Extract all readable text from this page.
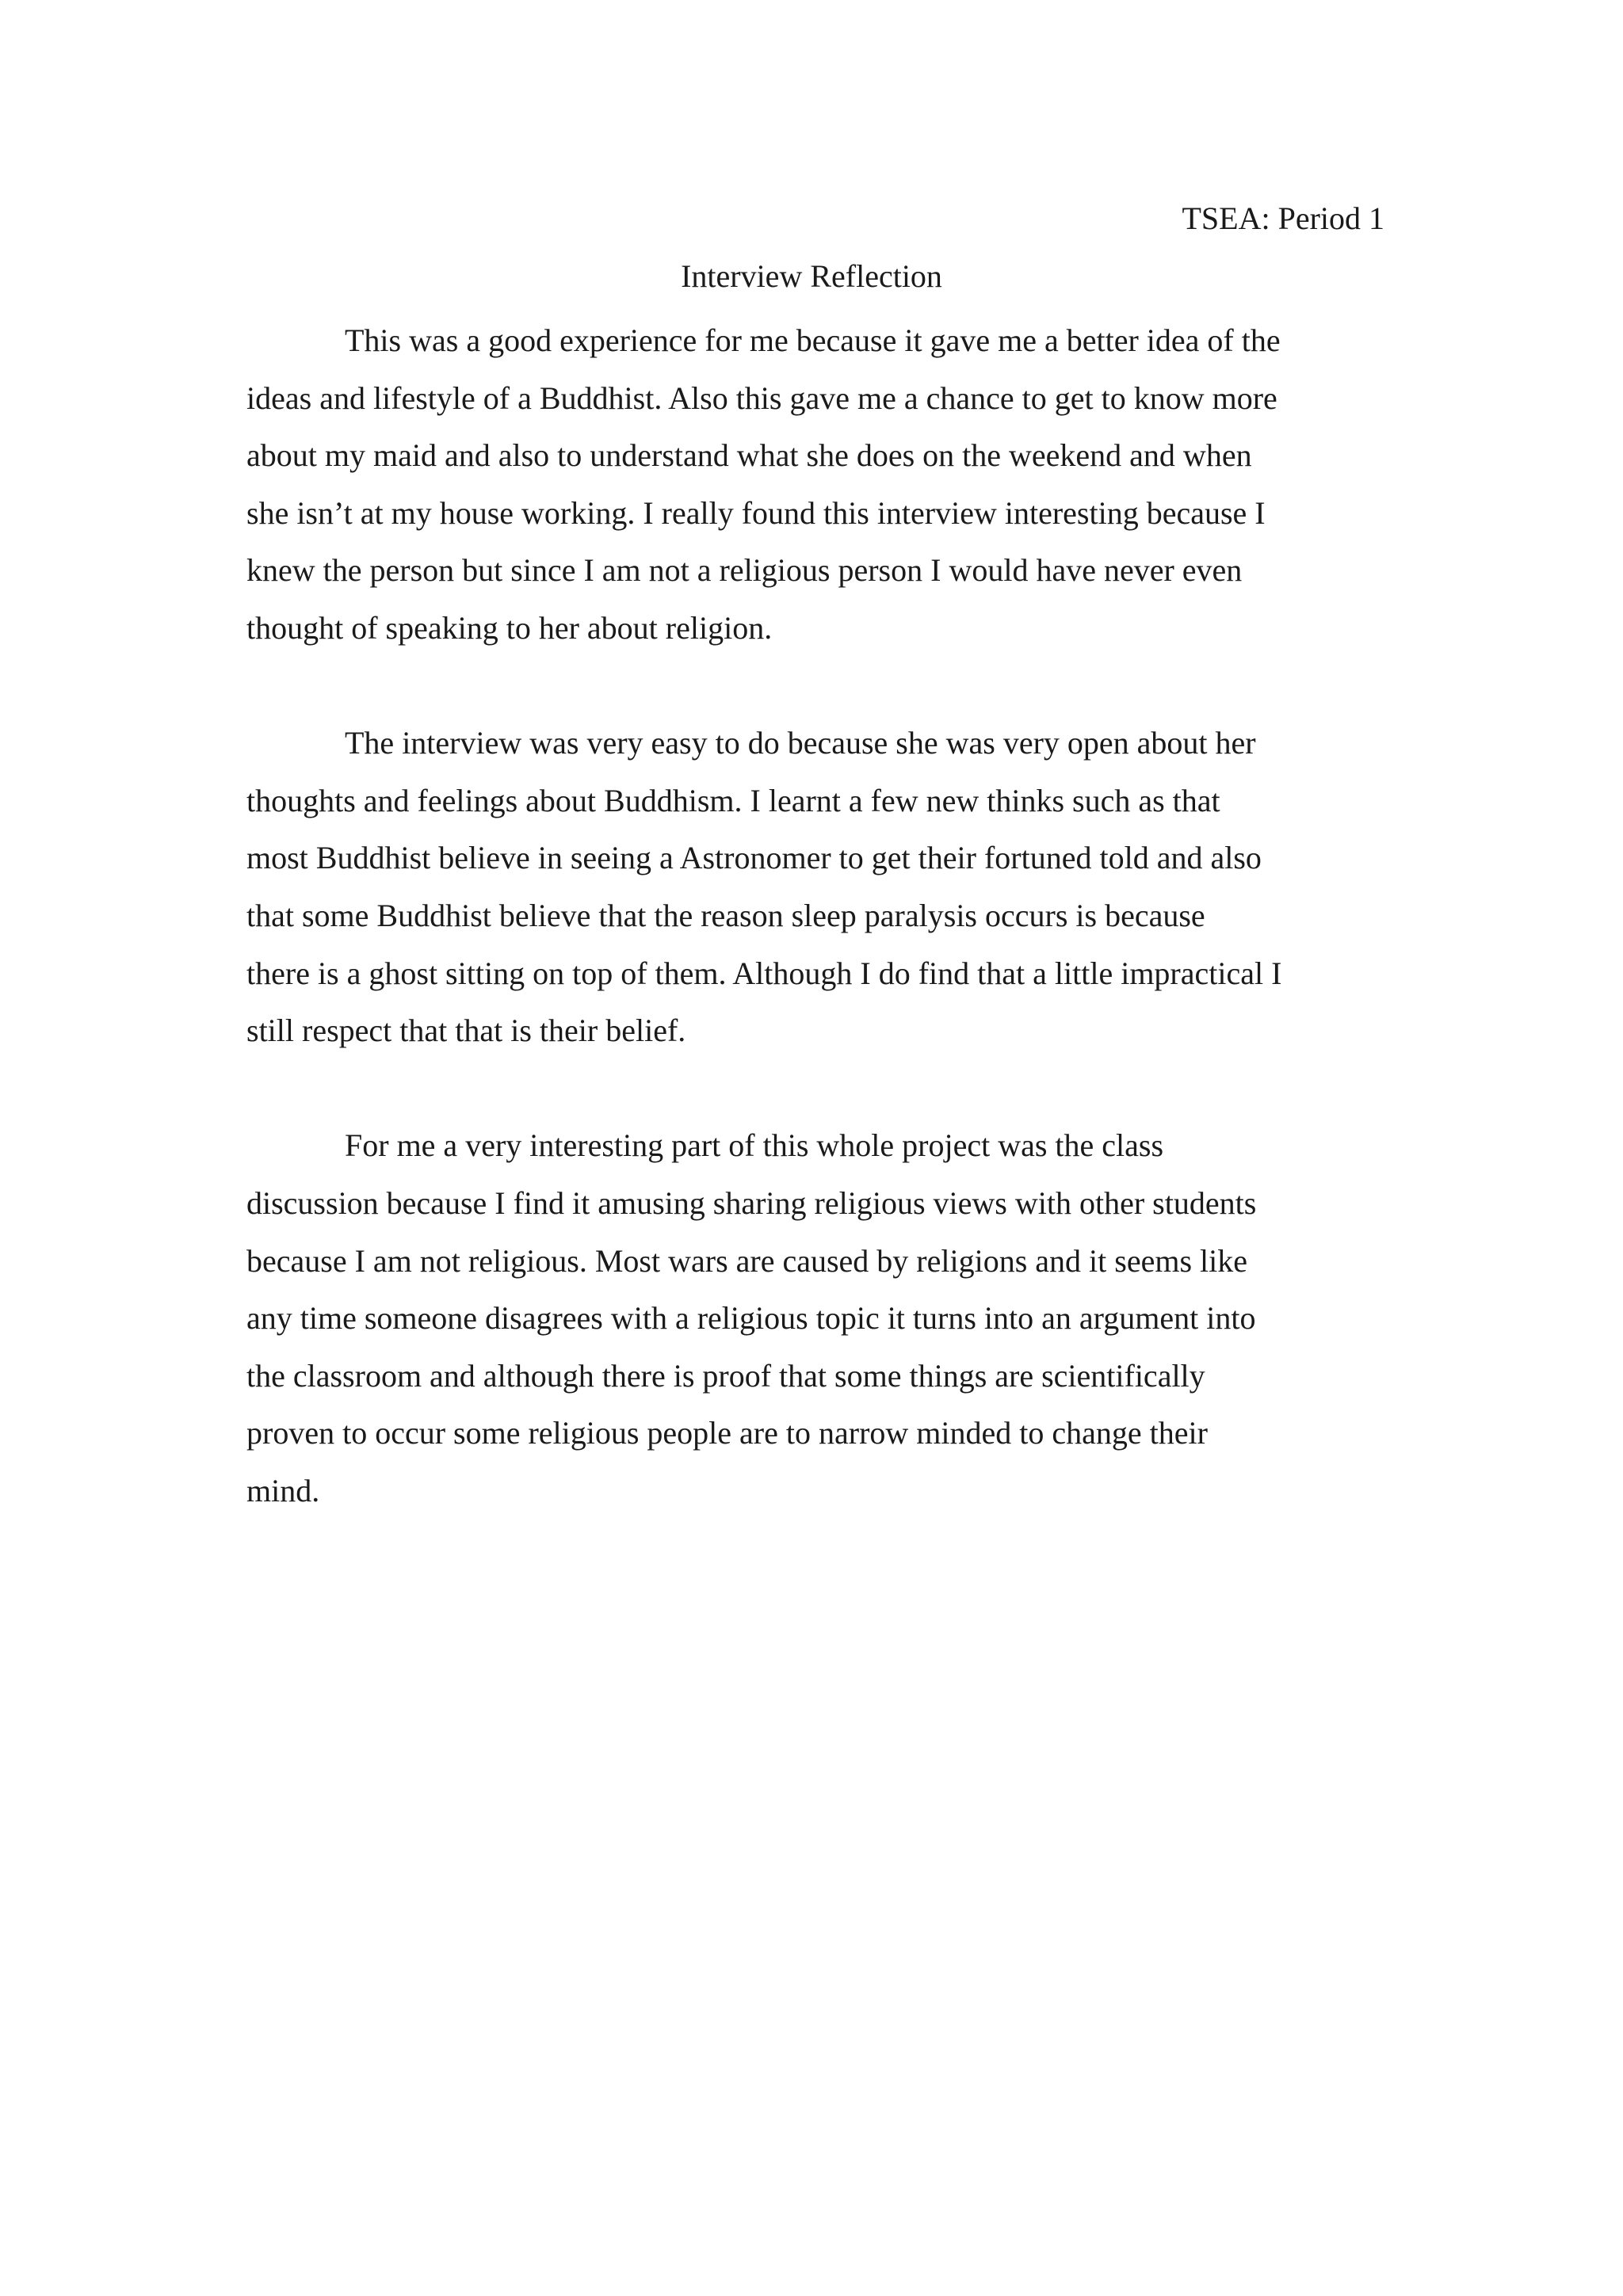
TSEA: Period 1
Interview Reflection
This was a good experience for me because it gave me a better idea of the
ideas and lifestyle of a Buddhist. Also this gave me a chance to get to know more
about my maid and also to understand what she does on the weekend and when
she isn’t at my house working. I really found this interview interesting because I
knew the person but since I am not a religious person I would have never even
thought of speaking to her about religion.
The interview was very easy to do because she was very open about her
thoughts and feelings about Buddhism. I learnt a few new thinks such as that
most Buddhist believe in seeing a Astronomer to get their fortuned told and also
that some Buddhist believe that the reason sleep paralysis occurs is because
there is a ghost sitting on top of them. Although I do find that a little impractical I
still respect that that is their belief.
For me a very interesting part of this whole project was the class
discussion because I find it amusing sharing religious views with other students
because I am not religious. Most wars are caused by religions and it seems like
any time someone disagrees with a religious topic it turns into an argument into
the classroom and although there is proof that some things are scientifically
proven to occur some religious people are to narrow minded to change their
mind.
